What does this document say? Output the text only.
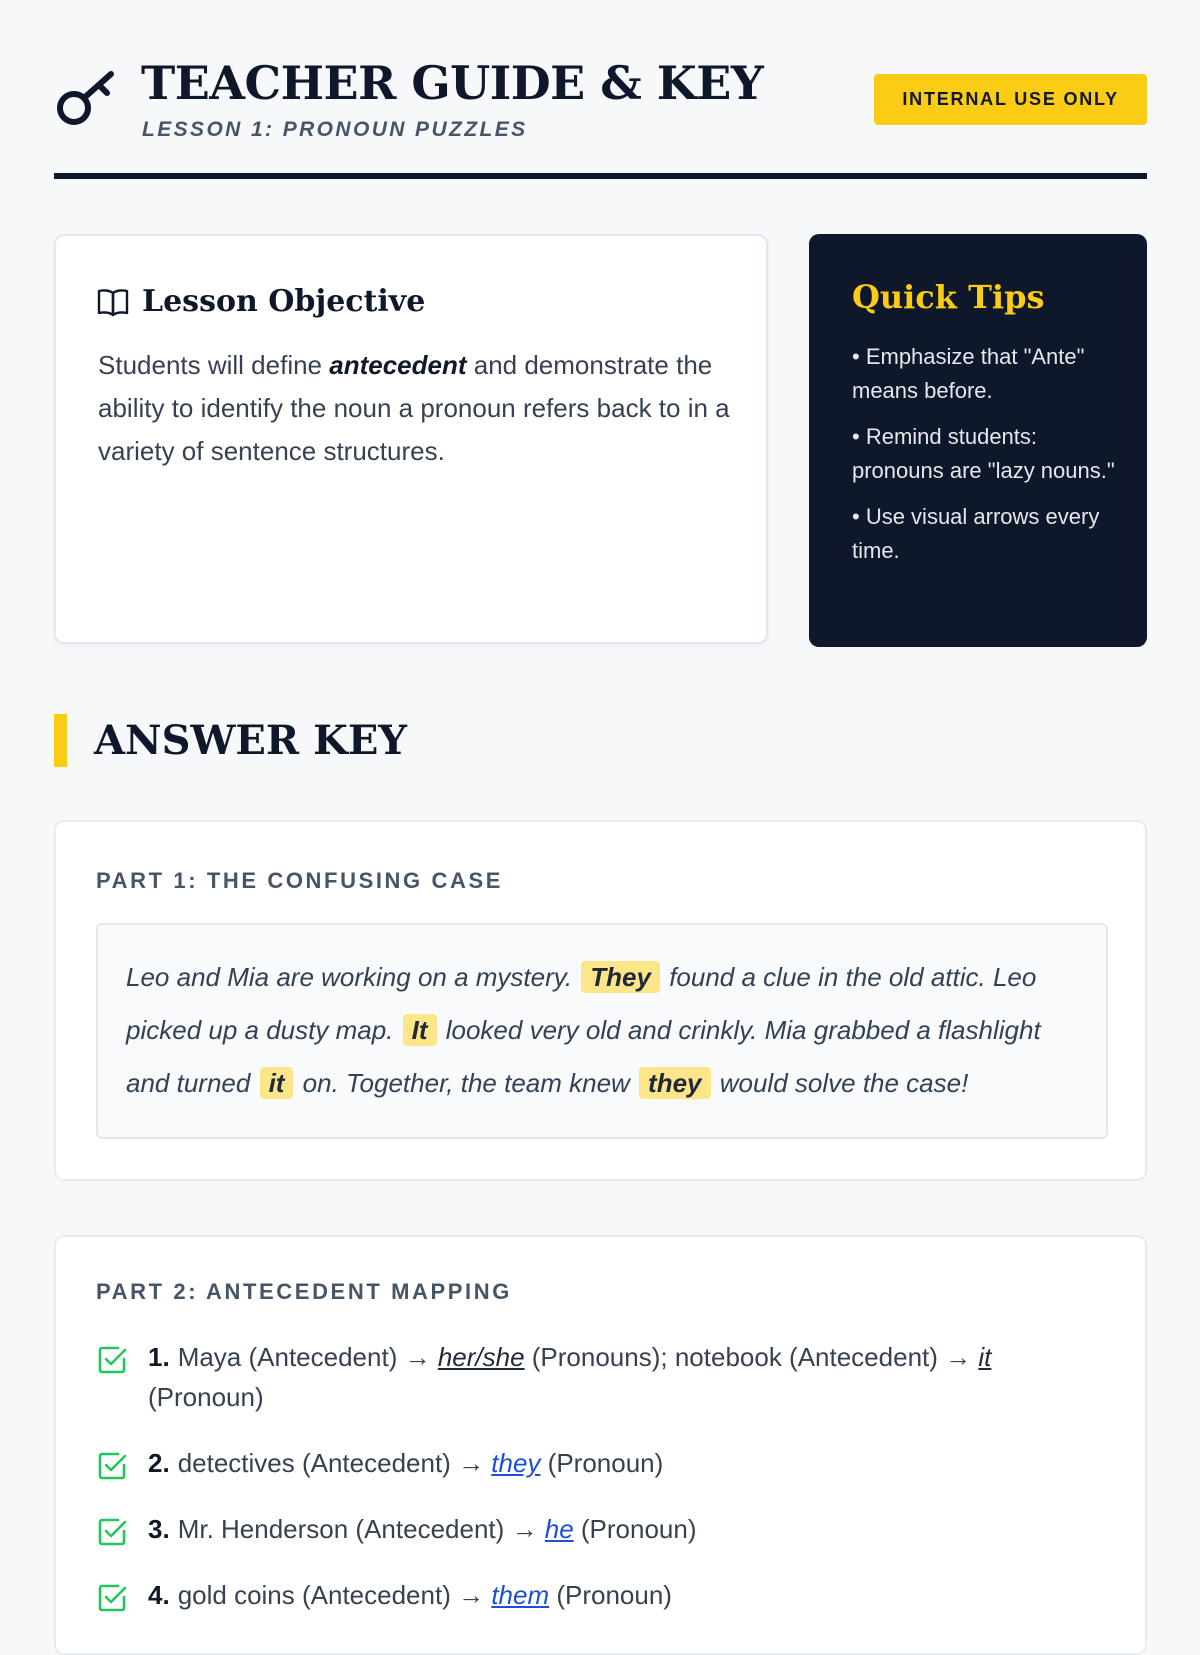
TEACHER GUIDE & KEY
LESSON 1: PRONOUN PUZZLES
INTERNAL USE ONLY
Lesson Objective

Students will define antecedent and demonstrate the ability to identify the noun a pronoun refers back to in a variety of sentence structures.

Quick Tips
• Emphasize that "Ante" means before.
• Remind students: pronouns are "lazy nouns."
• Use visual arrows every time.
ANSWER KEY
PART 1: THE CONFUSING CASE
Leo and Mia are working on a mystery. They found a clue in the old attic. Leo picked up a dusty map. It looked very old and crinkly. Mia grabbed a flashlight and turned it on. Together, the team knew they would solve the case!
PART 2: ANTECEDENT MAPPING
1. Maya (Antecedent) → her/she (Pronouns); notebook (Antecedent) → it (Pronoun)
2. detectives (Antecedent) → they (Pronoun)
3. Mr. Henderson (Antecedent) → he (Pronoun)
4. gold coins (Antecedent) → them (Pronoun)
